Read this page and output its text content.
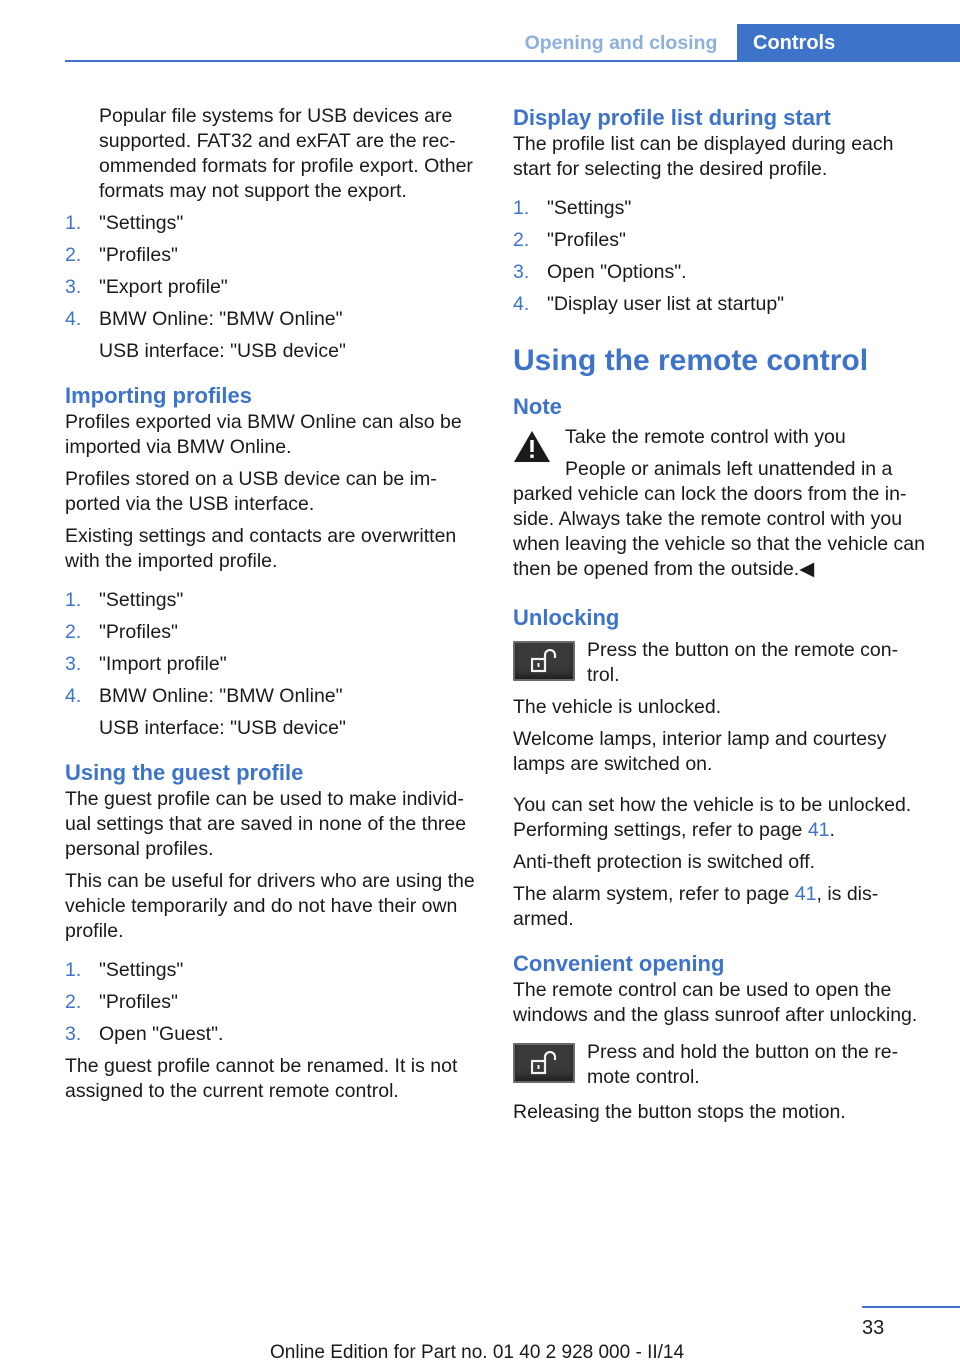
Opening and closing	Controls

Popular file systems for USB devices are supported. FAT32 and exFAT are the rec-ommended formats for profile export. Other formats may not support the export.

1. "Settings"
2. "Profiles"
3. "Export profile"
4. BMW Online: "BMW Online"

USB interface: "USB device"

Importing profiles

Profiles exported via BMW Online can also be imported via BMW Online.

Profiles stored on a USB device can be im-ported via the USB interface.

Existing settings and contacts are overwritten with the imported profile.

1. "Settings"
2. "Profiles"
3. "Import profile"
4. BMW Online: "BMW Online"

USB interface: "USB device"

Using the guest profile

The guest profile can be used to make individ-ual settings that are saved in none of the three personal profiles.

This can be useful for drivers who are using the vehicle temporarily and do not have their own profile.

1. "Settings"
2. "Profiles"
3. Open "Guest".

The guest profile cannot be renamed. It is not assigned to the current remote control.

Display profile list during start

The profile list can be displayed during each start for selecting the desired profile.

1. "Settings"
2. "Profiles"
3. Open "Options".
4. "Display user list at startup"
Using the remote control
Note

Take the remote control with you

People or animals left unattended in a parked vehicle can lock the doors from the in-side. Always take the remote control with you when leaving the vehicle so that the vehicle can then be opened from the outside.◀

Unlocking

Press the button on the remote con-trol.

The vehicle is unlocked.

Welcome lamps, interior lamp and courtesy lamps are switched on.

You can set how the vehicle is to be unlocked. Performing settings, refer to page 41.

Anti-theft protection is switched off.

The alarm system, refer to page 41, is dis-armed.

Convenient opening

The remote control can be used to open the windows and the glass sunroof after unlocking.

Press and hold the button on the re-mote control.

Releasing the button stops the motion.

33
Online Edition for Part no. 01 40 2 928 000 - II/14
